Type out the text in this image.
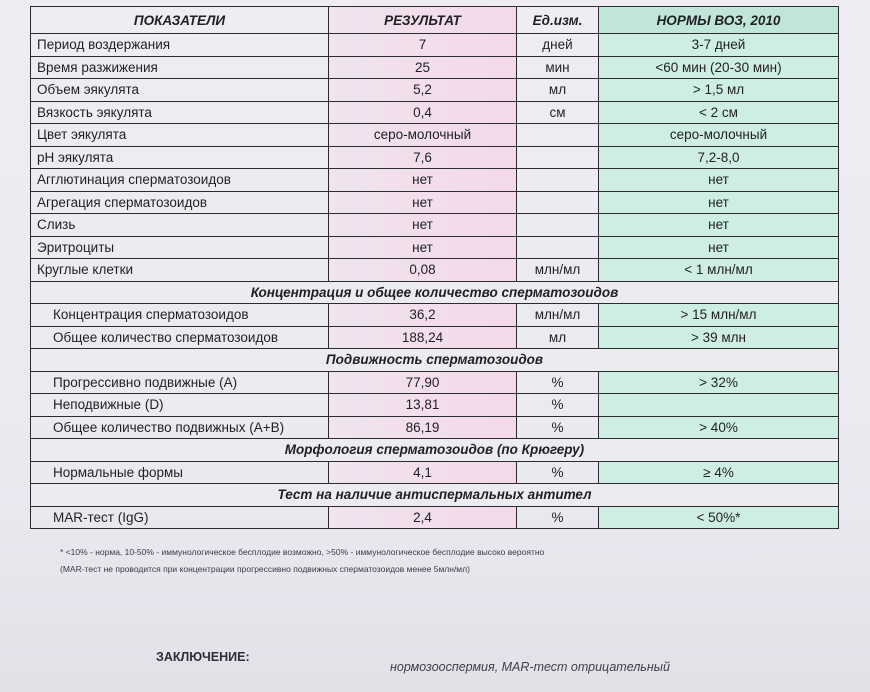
ПОКАЗАТЕЛИ	РЕЗУЛЬТАТ	Ед.изм.	НОРМЫ ВОЗ, 2010
Период воздержания	7	дней	3-7 дней
Время разжижения	25	мин	<60 мин (20-30 мин)
Объем эякулята	5,2	мл	> 1,5 мл
Вязкость эякулята	0,4	см	< 2 см
Цвет эякулята	серо-молочный		серо-молочный
pH эякулята	7,6		7,2-8,0
Агглютинация сперматозоидов	нет		нет
Агрегация сперматозоидов	нет		нет
Слизь	нет		нет
Эритроциты	нет		нет
Круглые клетки	0,08	млн/мл	< 1 млн/мл
Концентрация и общее количество сперматозоидов			
Концентрация сперматозоидов	36,2	млн/мл	> 15 млн/мл
Общее количество сперматозоидов	188,24	мл	> 39 млн
Подвижность сперматозоидов			
Прогрессивно подвижные (А)	77,90	%	> 32%
Неподвижные (D)	13,81	%	
Общее количество подвижных (А+В)	86,19	%	> 40%
Морфология сперматозоидов (по Крюгеру)			
Нормальные формы	4,1	%	≥ 4%
Тест на наличие антиспермальных антител			
MAR-тест (IgG)	2,4	%	< 50%*
* <10% - норма, 10-50% - иммунологическое бесплодие возможно, >50% - иммунологическое бесплодие высоко вероятно
(MAR-тест не проводится при концентрации прогрессивно подвижных сперматозоидов менее 5млн/мл)
ЗАКЛЮЧЕНИЕ:
нормозооспермия, MAR-тест отрицательный
